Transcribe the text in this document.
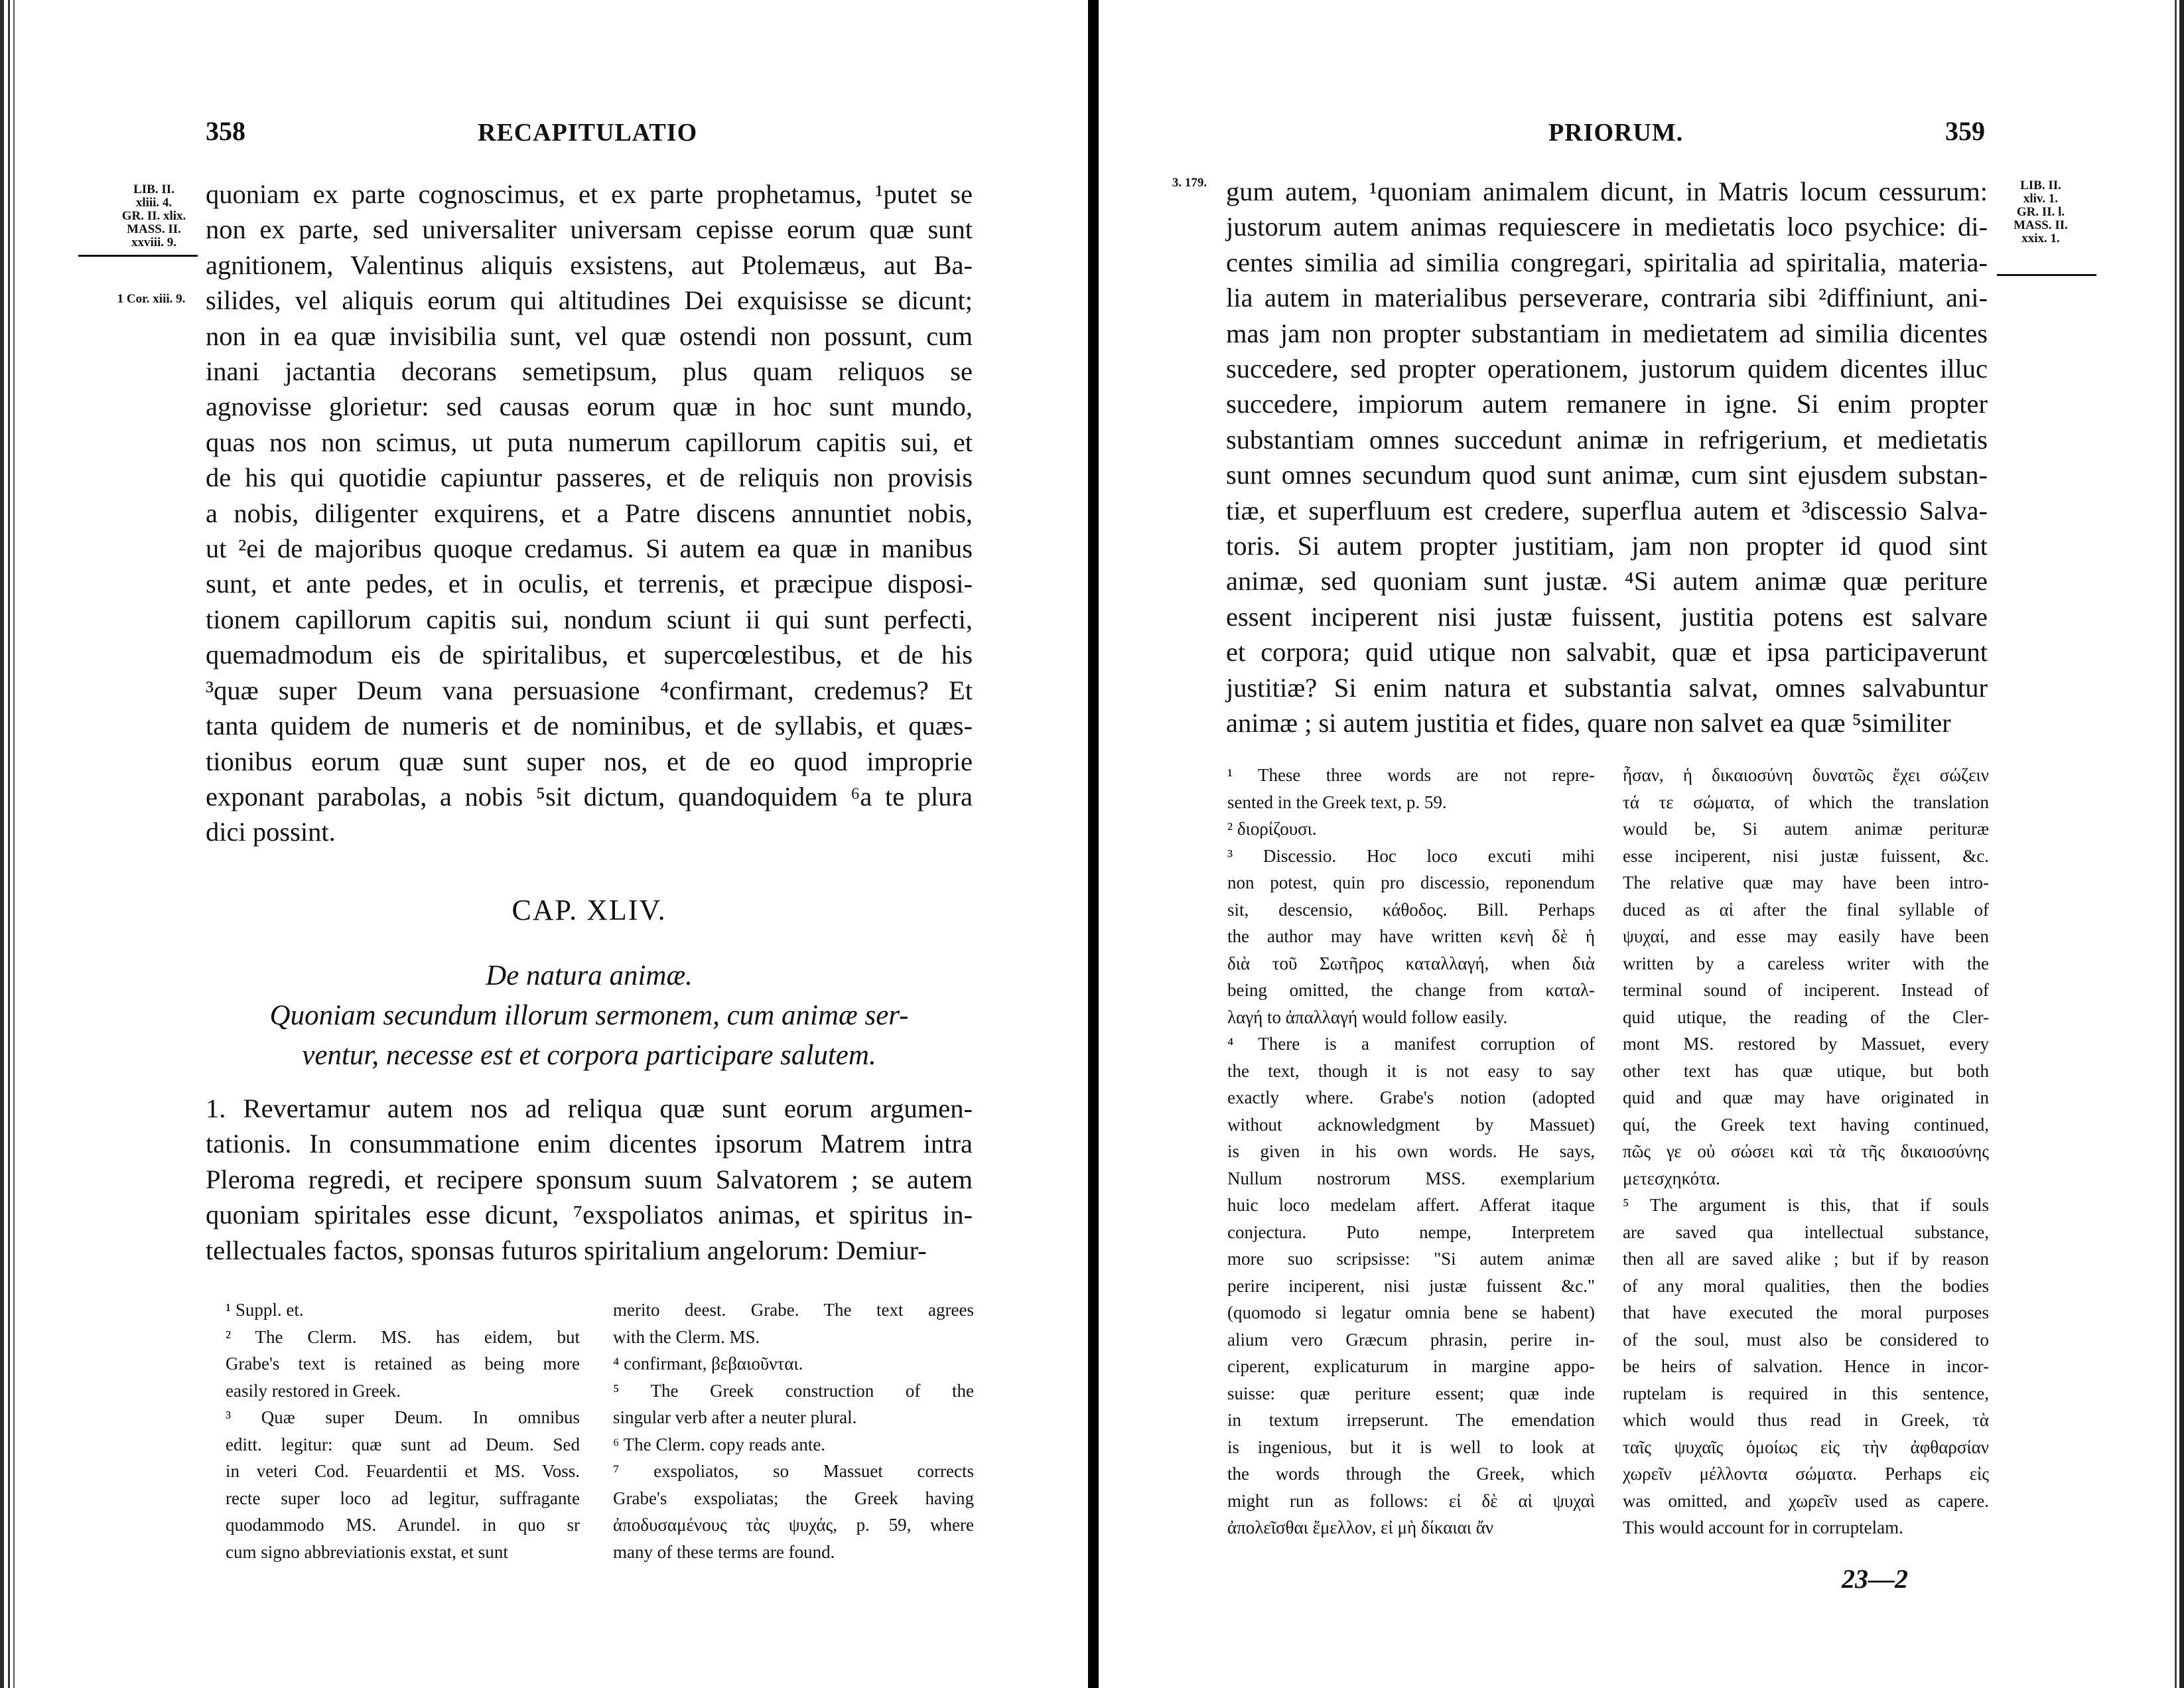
358	RECAPITULATIO
LIB. II.
xliii. 4.
GR. II. xlix.
MASS. II.
xxviii. 9.
1 Cor. xiii. 9.
quoniam ex parte cognoscimus, et ex parte prophetamus, ¹putet se
non ex parte, sed universaliter universam cepisse eorum quæ sunt
agnitionem, Valentinus aliquis exsistens, aut Ptolemæus, aut Ba-
silides, vel aliquis eorum qui altitudines Dei exquisisse se dicunt;
non in ea quæ invisibilia sunt, vel quæ ostendi non possunt, cum
inani jactantia decorans semetipsum, plus quam reliquos se
agnovisse glorietur: sed causas eorum quæ in hoc sunt mundo,
quas nos non scimus, ut puta numerum capillorum capitis sui, et
de his qui quotidie capiuntur passeres, et de reliquis non provisis
a nobis, diligenter exquirens, et a Patre discens annuntiet nobis,
ut ²ei de majoribus quoque credamus. Si autem ea quæ in manibus
sunt, et ante pedes, et in oculis, et terrenis, et præcipue disposi-
tionem capillorum capitis sui, nondum sciunt ii qui sunt perfecti,
quemadmodum eis de spiritalibus, et supercœlestibus, et de his
³quæ super Deum vana persuasione ⁴confirmant, credemus? Et
tanta quidem de numeris et de nominibus, et de syllabis, et quæs-
tionibus eorum quæ sunt super nos, et de eo quod improprie
exponant parabolas, a nobis ⁵sit dictum, quandoquidem ⁶a te plura
dici possint.
CAP. XLIV.
De natura animæ.
Quoniam secundum illorum sermonem, cum animæ ser-
ventur, necesse est et corpora participare salutem.
1. Revertamur autem nos ad reliqua quæ sunt eorum argumen-
tationis. In consummatione enim dicentes ipsorum Matrem intra
Pleroma regredi, et recipere sponsum suum Salvatorem ; se autem
quoniam spiritales esse dicunt, ⁷exspoliatos animas, et spiritus in-
tellectuales factos, sponsas futuros spiritalium angelorum: Demiur-
¹ Suppl. et.
² The Clerm. MS. has eidem, but
Grabe's text is retained as being more
easily restored in Greek.
³ Quæ super Deum. In omnibus
editt. legitur: quæ sunt ad Deum. Sed
in veteri Cod. Feuardentii et MS. Voss.
recte super loco ad legitur, suffragante
quodammodo MS. Arundel. in quo sr
cum signo abbreviationis exstat, et sunt
merito deest. Grabe. The text agrees
with the Clerm. MS.
⁴ confirmant, βεβαιοῦνται.
⁵ The Greek construction of the
singular verb after a neuter plural.
⁶ The Clerm. copy reads ante.
⁷ exspoliatos, so Massuet corrects
Grabe's exspoliatas; the Greek having
ἀποδυσαμένους τὰς ψυχάς, p. 59, where
many of these terms are found.
PRIORUM.	359
3. 179.	LIB. II.
xliv. 1.
GR. II. l.
MASS. II.
xxix. 1.
gum autem, ¹quoniam animalem dicunt, in Matris locum cessurum:
justorum autem animas requiescere in medietatis loco psychice: di-
centes similia ad similia congregari, spiritalia ad spiritalia, materia-
lia autem in materialibus perseverare, contraria sibi ²diffiniunt, ani-
mas jam non propter substantiam in medietatem ad similia dicentes
succedere, sed propter operationem, justorum quidem dicentes illuc
succedere, impiorum autem remanere in igne. Si enim propter
substantiam omnes succedunt animæ in refrigerium, et medietatis
sunt omnes secundum quod sunt animæ, cum sint ejusdem substan-
tiæ, et superfluum est credere, superflua autem et ³discessio Salva-
toris. Si autem propter justitiam, jam non propter id quod sint
animæ, sed quoniam sunt justæ. ⁴Si autem animæ quæ periture
essent inciperent nisi justæ fuissent, justitia potens est salvare
et corpora; quid utique non salvabit, quæ et ipsa participaverunt
justitiæ? Si enim natura et substantia salvat, omnes salvabuntur
animæ ; si autem justitia et fides, quare non salvet ea quæ ⁵similiter
¹ These three words are not repre-
sented in the Greek text, p. 59.
² διορίζουσι.
³ Discessio. Hoc loco excuti mihi
non potest, quin pro discessio, reponendum
sit, descensio, κάθοδος. Bill. Perhaps
the author may have written κενὴ δὲ ἡ
διὰ τοῦ Σωτῆρος καταλλαγή, when διὰ
being omitted, the change from καταλ-
λαγή to ἀπαλλαγή would follow easily.
⁴ There is a manifest corruption of
the text, though it is not easy to say
exactly where. Grabe's notion (adopted
without acknowledgment by Massuet)
is given in his own words. He says,
Nullum nostrorum MSS. exemplarium
huic loco medelam affert. Afferat itaque
conjectura. Puto nempe, Interpretem
more suo scripsisse: "Si autem animæ
perire inciperent, nisi justæ fuissent &c."
(quomodo si legatur omnia bene se habent)
alium vero Græcum phrasin, perire in-
ciperent, explicaturum in margine appo-
suisse: quæ periture essent; quæ inde
in textum irrepserunt. The emendation
is ingenious, but it is well to look at
the words through the Greek, which
might run as follows: εἰ δὲ αἱ ψυχαὶ
ἀπολεῖσθαι ἔμελλον, εἰ μὴ δίκαιαι ἄν
ἦσαν, ἡ δικαιοσύνη δυνατῶς ἔχει σώζειν
τά τε σώματα, of which the translation
would be, Si autem animæ perituræ
esse inciperent, nisi justæ fuissent, &c.
The relative quæ may have been intro-
duced as αἱ after the final syllable of
ψυχαί, and esse may easily have been
written by a careless writer with the
terminal sound of inciperent. Instead of
quid utique, the reading of the Cler-
mont MS. restored by Massuet, every
other text has quæ utique, but both
quid and quæ may have originated in
quί, the Greek text having continued,
πῶς γε οὐ σώσει καὶ τὰ τῆς δικαιοσύνης
μετεσχηκότα.
⁵ The argument is this, that if souls
are saved qua intellectual substance,
then all are saved alike ; but if by reason
of any moral qualities, then the bodies
that have executed the moral purposes
of the soul, must also be considered to
be heirs of salvation. Hence in incor-
ruptelam is required in this sentence,
which would thus read in Greek, τὰ
ταῖς ψυχαῖς ὁμοίως εἰς τὴν ἀφθαρσίαν
χωρεῖν μέλλοντα σώματα. Perhaps εἰς
was omitted, and χωρεῖν used as capere.
This would account for in corruptelam.
23—2
